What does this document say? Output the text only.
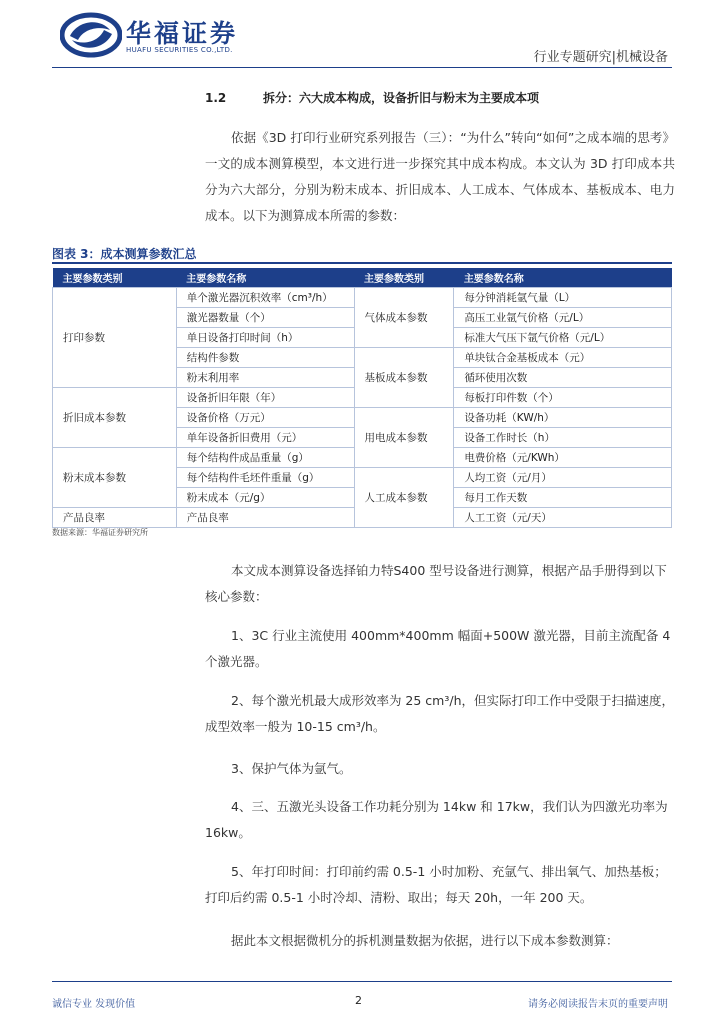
华福证券
HUAFU SECURITIES CO.,LTD.	行业专题研究|机械设备
1.2	拆分：六大成本构成，设备折旧与粉末为主要成本项

依据《3D 打印行业研究系列报告（三）：“为什么”转向“如何”之成本端的思考》一文的成本测算模型，本文进行进一步探究其中成本构成。本文认为 3D 打印成本共分为六大部分，分别为粉末成本、折旧成本、人工成本、气体成本、基板成本、电力成本。以下为测算成本所需的参数：

图表 3：成本测算参数汇总
主要参数类别	主要参数名称	主要参数类别	主要参数名称
打印参数	单个激光器沉积效率（cm³/h）	气体成本参数	每分钟消耗氩气量（L）
	激光器数量（个）		高压工业氩气价格（元/L）
	单日设备打印时间（h）		标准大气压下氩气价格（元/L）
	结构件参数	基板成本参数	单块钛合金基板成本（元）
	粉末利用率		循环使用次数
折旧成本参数	设备折旧年限（年）		每板打印件数（个）
	设备价格（万元）	用电成本参数	设备功耗（KW/h）
	单年设备折旧费用（元）		设备工作时长（h）
粉末成本参数	每个结构件成品重量（g）		电费价格（元/KWh）
	每个结构件毛坯件重量（g）	人工成本参数	人均工资（元/月）
	粉末成本（元/g）		每月工作天数
产品良率	产品良率		人工工资（元/天）
数据来源：华福证券研究所

本文成本测算设备选择铂力特S400 型号设备进行测算，根据产品手册得到以下核心参数：

1、3C 行业主流使用 400mm*400mm 幅面+500W 激光器，目前主流配备 4 个激光器。

2、每个激光机最大成形效率为 25 cm³/h，但实际打印工作中受限于扫描速度，成型效率一般为 10-15 cm³/h。

3、保护气体为氩气。

4、三、五激光头设备工作功耗分别为 14kw 和 17kw，我们认为四激光功率为 16kw。

5、年打印时间：打印前约需 0.5-1 小时加粉、充氩气、排出氧气、加热基板；打印后约需 0.5-1 小时冷却、清粉、取出；每天 20h，一年 200 天。

据此本文根据微机分的拆机测量数据为依据，进行以下成本参数测算：

诚信专业 发现价值	2	请务必阅读报告末页的重要声明
